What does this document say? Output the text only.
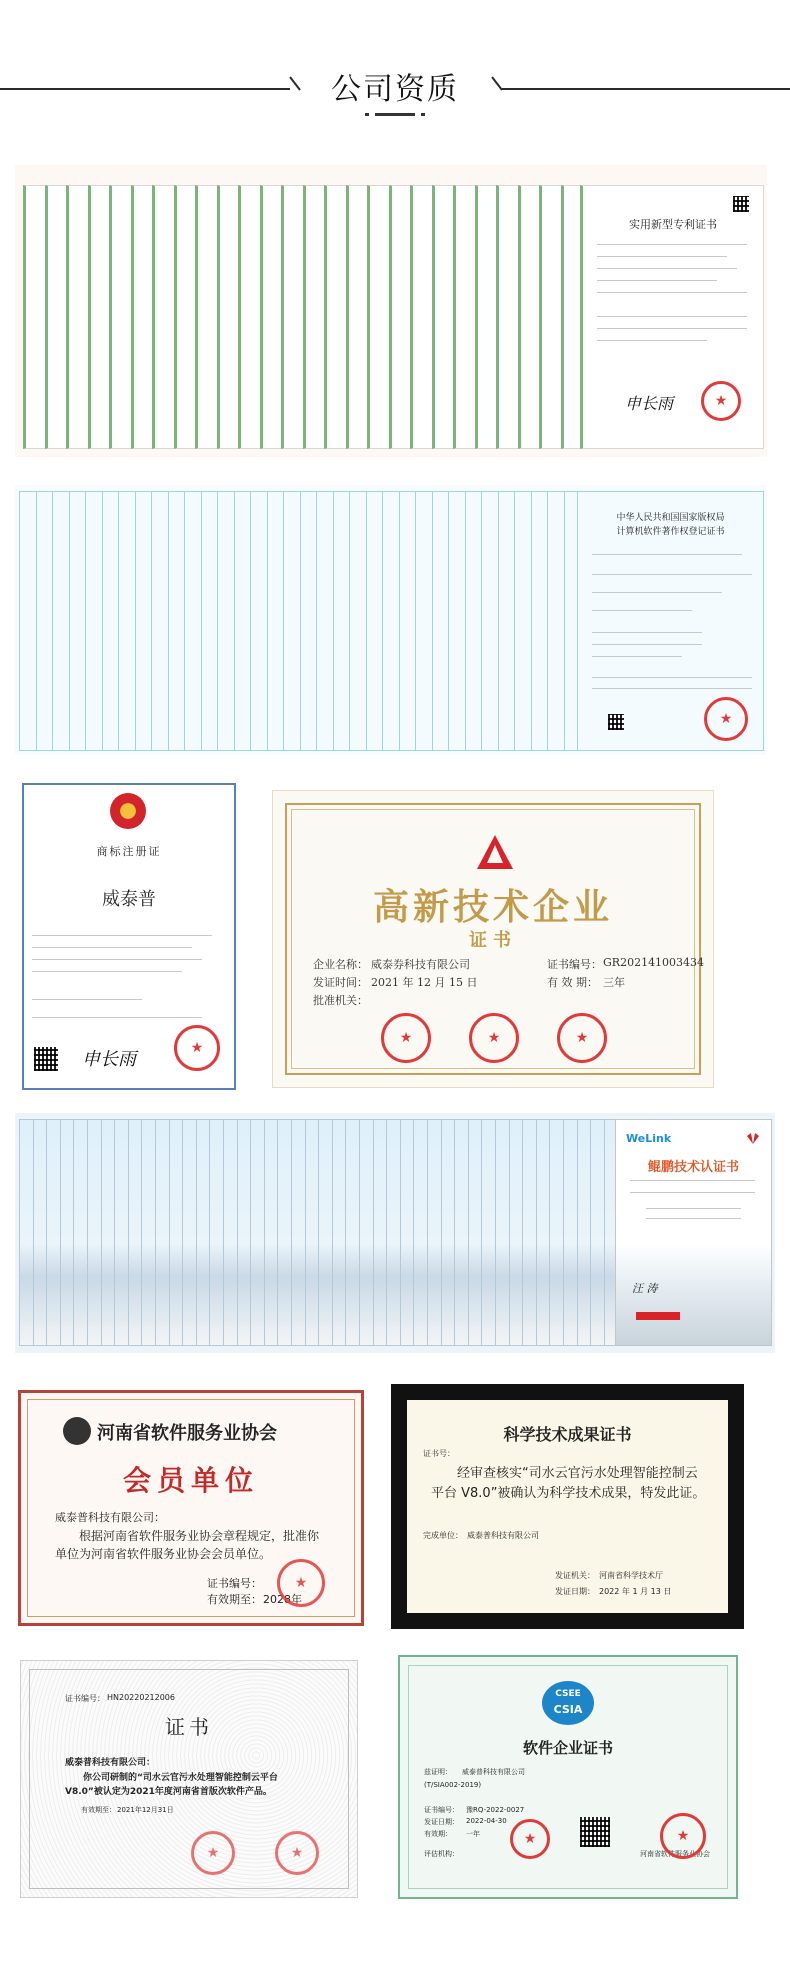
公司资质
实用新型专利证书
申长雨	★
中华人民共和国国家版权局
计算机软件著作权登记证书
★
商标注册证
威泰普
申长雨
★
高新技术企业
证书
企业名称： 威泰券科技有限公司
发证时间： 2021 年 12 月 15 日
批准机关：
证书编号： GR202141003434
有 效 期： 三年
★	★	★
WeLink
鲲鹏技术认证书
汪 涛
河南省软件服务业协会
会员单位
威泰普科技有限公司：
根据河南省软件服务业协会章程规定，批准你单位为河南省软件服务业协会会员单位。
证书编号：
有效期至： 2028年
★
科学技术成果证书
证书号：
经审查核实“司水云官污水处理智能控制云平台 V8.0”被确认为科学技术成果，特发此证。
完成单位： 威泰普科技有限公司
发证机关： 河南省科学技术厅
发证日期： 2022 年 1 月 13 日
证书编号： HN20220212006
证书
威泰普科技有限公司：
你公司研制的“司水云官污水处理智能控制云平台V8.0”被认定为2021年度河南省首版次软件产品。
有效期至： 2021年12月31日
★	★
CSEE
CSIA
软件企业证书
兹证明： 威泰普科技有限公司
(T/SIA002-2019)
证书编号： 豫RQ-2022-0027
发证日期： 2022-04-30
有效期： 一年
评估机构：	河南省软件服务业协会
★	★
